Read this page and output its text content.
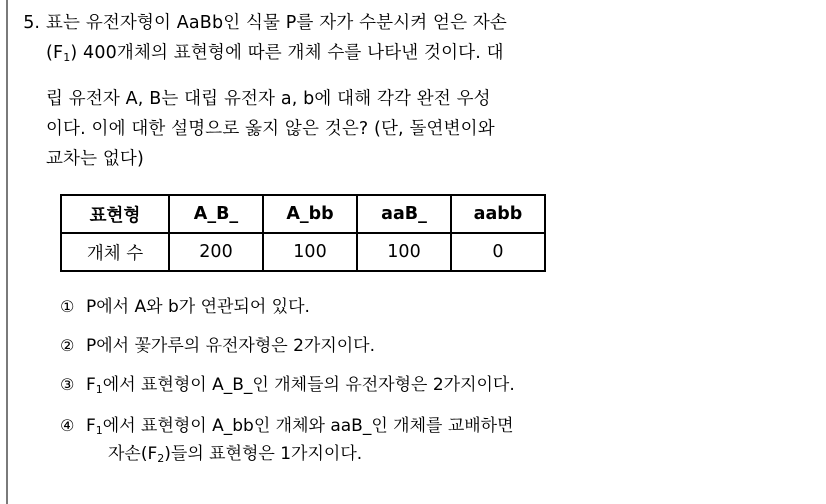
5. 표는 유전자형이 AaBb인 식물 P를 자가 수분시켜 얻은 자손
$(F_1)$ 400개체의 표현형에 따른 개체 수를 나타낸 것이다. 대
립 유전자 A, B는 대립 유전자 a, b에 대해 각각 완전 우성
이다. 이에 대한 설명으로 옳지 않은 것은? (단, 돌연변이와
교차는 없다)
표현형	A_B_	A_bb	aaB_	aabb
개체 수	200	100	100	0
① P에서 A와 b가 연관되어 있다.
② P에서 꽃가루의 유전자형은 2가지이다.
③ $F_1$에서 표현형이 A_B_인 개체들의 유전자형은 2가지이다.
④ $F_1$에서 표현형이 A_bb인 개체와 aaB_인 개체를 교배하면
자손$(F_2)$들의 표현형은 1가지이다.
